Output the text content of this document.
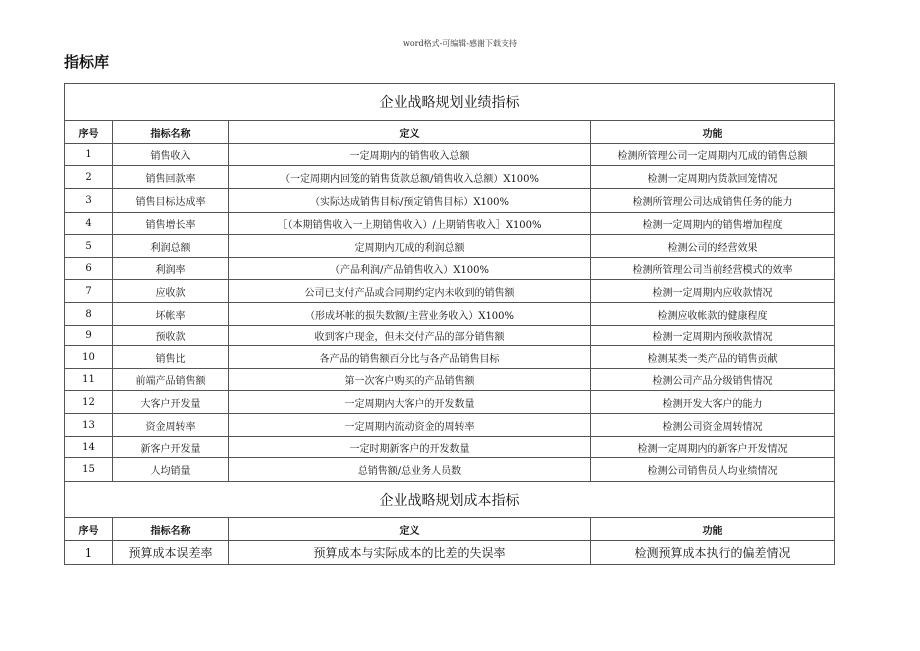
word格式-可编辑-感谢下载支持
指标库
企业战略规划业绩指标			
序号	指标名称	定义	功能
1	销售收入	一定周期内的销售收入总额	检测所管理公司一定周期内兀成的销售总额
2	销售回款率	（一定周期内回笼的销售货款总额/销售收入总额）X100%	检测一定周期内货款回笼情况
3	销售目标达成率	（实际达成销售目标/预定销售目标）X100%	检测所管理公司达成销售任务的能力
4	销售增长率	［（本期销售收入一上期销售收入）/上期销售收入］X100%	检测一定周期内的销售增加程度
5	利润总额	定周期内兀成的利润总额	检测公司的经营效果
6	利润率	（产品利润/产品销售收入）X100%	检测所管理公司当前经营模式的效率
7	应收款	公司已支付产品或合同期约定内未收到的销售额	检测一定周期内应收款情况
8	坏帐率	（形成坏帐的损失数额/主营业务收入）X100%	检测应收帐款的健康程度
9	预收款	收到客户现金，但未交付产品的部分销售额	检测一定周期内预收款情况
10	销售比	各产品的销售额百分比与各产品销售目标	检测某类一类产品的销售贡献
11	前端产品销售额	第一次客户购买的产品销售额	检测公司产品分级销售情况
12	大客户开发量	一定周期内大客户的开发数量	检测开发大客户的能力
13	资金周转率	一定周期内流动资金的周转率	检测公司资金周转情况
14	新客户开发量	一定时期新客户的开发数量	检测一定周期内的新客户开发情况
15	人均销量	总销售额/总业务人员数	检测公司销售员人均业绩情况
企业战略规划成本指标			
序号	指标名称	定义	功能
1	预算成本误差率	预算成本与实际成本的比差的失误率	检测预算成本执行的偏差情况
